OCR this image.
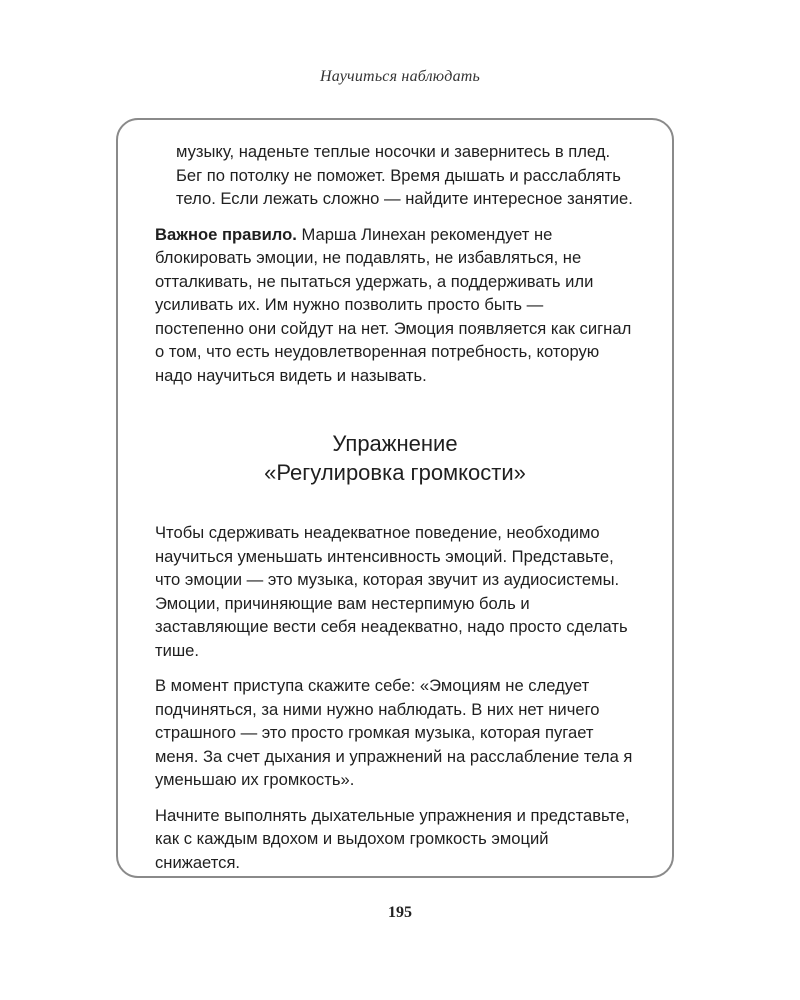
Научиться наблюдать

музыку, наденьте теплые носочки и завернитесь в плед. Бег по потолку не поможет. Время дышать и расслаблять тело. Если лежать сложно — найдите интересное занятие.

Важное правило. Марша Линехан рекомендует не блокировать эмоции, не подавлять, не избавляться, не отталкивать, не пытаться удержать, а поддерживать или усиливать их. Им нужно позволить просто быть — постепенно они сойдут на нет. Эмоция появляется как сигнал о том, что есть неудовлетворенная потребность, которую надо научиться видеть и называть.

Упражнение
«Регулировка громкости»

Чтобы сдерживать неадекватное поведение, необходимо научиться уменьшать интенсивность эмоций. Представьте, что эмоции — это музыка, которая звучит из аудиосистемы. Эмоции, причиняющие вам нестерпимую боль и заставляющие вести себя неадекватно, надо просто сделать тише.

В момент приступа скажите себе: «Эмоциям не следует подчиняться, за ними нужно наблюдать. В них нет ничего страшного — это просто громкая музыка, которая пугает меня. За счет дыхания и упражнений на расслабление тела я уменьшаю их громкость».

Начните выполнять дыхательные упражнения и представьте, как с каждым вдохом и выдохом громкость эмоций снижается.

195
